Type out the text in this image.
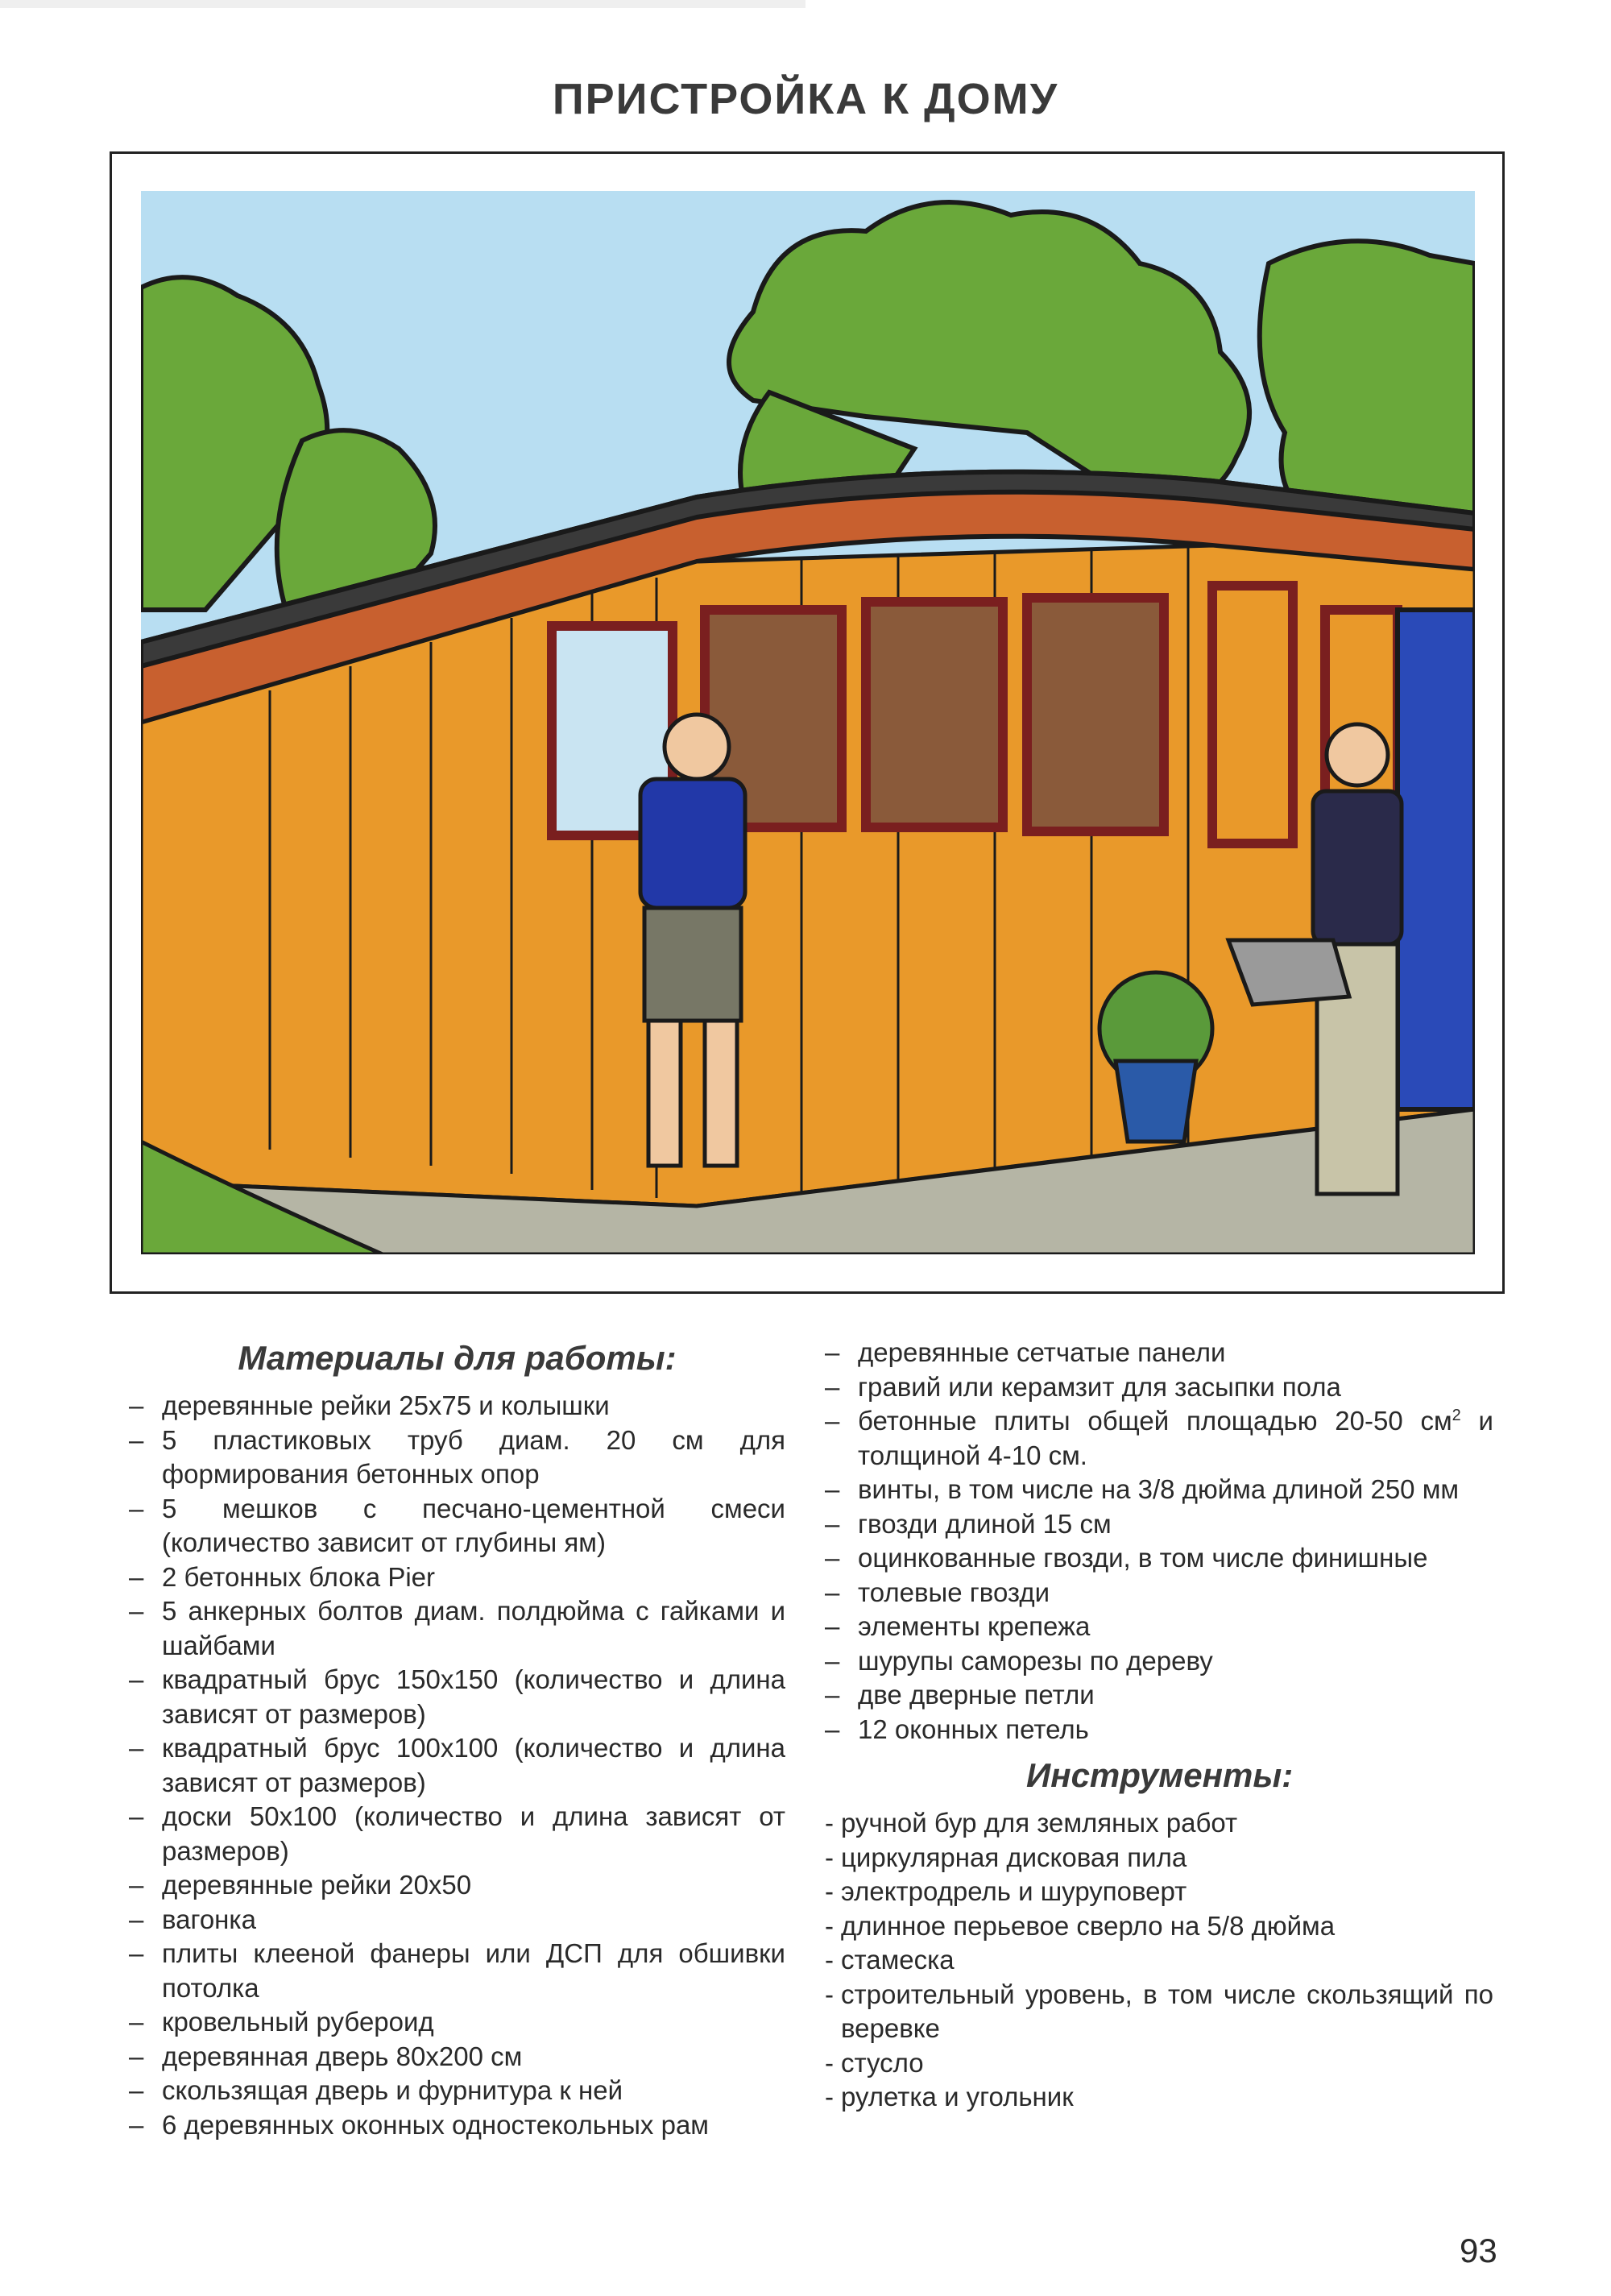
ПРИСТРОЙКА К ДОМУ
Материалы для работы:
– деревянные рейки 25х75 и колышки
– 5 пластиковых труб диам. 20 см для формирования бетонных опор
– 5 мешков с песчано-цементной смеси (количество зависит от глубины ям)
– 2 бетонных блока Pier
– 5 анкерных болтов диам. полдюйма с гайками и шайбами
– квадратный брус 150x150 (количество и длина зависят от размеров)
– квадратный брус 100x100 (количество и длина зависят от размеров)
– доски 50x100 (количество и длина зависят от размеров)
– деревянные рейки 20х50
– вагонка
– плиты клееной фанеры или ДСП для обшивки потолка
– кровельный рубероид
– деревянная дверь 80x200 см
– скользящая дверь и фурнитура к ней
– 6 деревянных оконных одностекольных рам
– деревянные сетчатые панели
– гравий или керамзит для засыпки пола
– бетонные плиты общей площадью 20-50 $см^2$ и толщиной 4-10 см.
– винты, в том числе на 3/8 дюйма длиной 250 мм
– гвозди длиной 15 см
– оцинкованные гвозди, в том числе финишные
– толевые гвозди
– элементы крепежа
– шурупы саморезы по дереву
– две дверные петли
– 12 оконных петель
Инструменты:
- ручной бур для земляных работ
- циркулярная дисковая пила
- электродрель и шуруповерт
- длинное перьевое сверло на 5/8 дюйма
- стамеска
- строительный уровень, в том числе скользящий по веревке
- стусло
- рулетка и угольник
93
